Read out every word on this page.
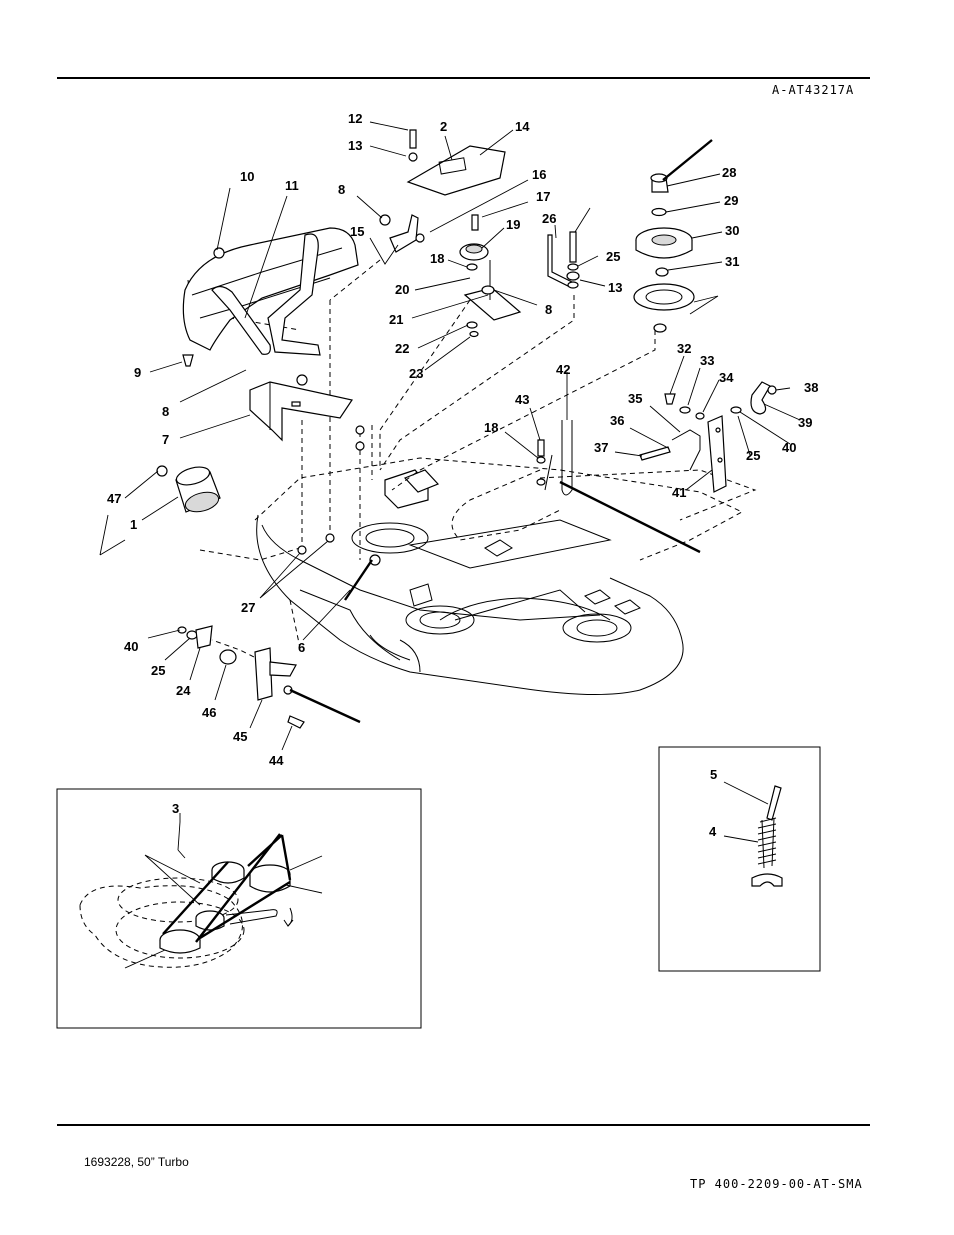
A-AT43217A
12
13
2	14
16
17
19
18
20
21
22
23
8
8
15
10
11
9
8
7
47
1
27
6
26
25
13
28
29
30
31
32
33
34
38
35
39
36
40
37
25
41
42
43
18
40
25
24
46
45
44
3
5
4
1693228, 50” Turbo
TP 400-2209-00-AT-SMA
